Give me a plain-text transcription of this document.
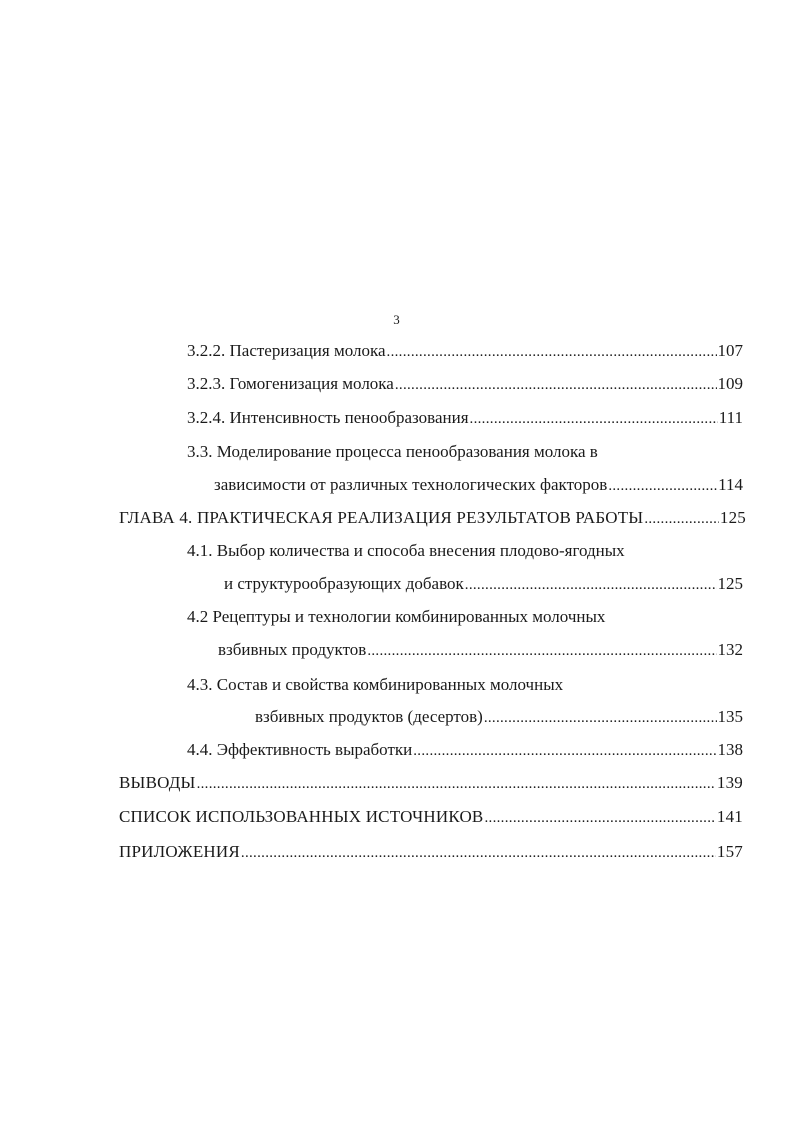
3
3.2.2. Пастеризация молока .....	107
3.2.3. Гомогенизация молока .....	109
3.2.4. Интенсивность пенообразования .....	111
3.3. Моделирование процесса пенообразования молока в
зависимости от различных технологических факторов .....	114
ГЛАВА 4. ПРАКТИЧЕСКАЯ РЕАЛИЗАЦИЯ РЕЗУЛЬТАТОВ РАБОТЫ .....	125
4.1. Выбор количества и способа внесения плодово-ягодных
и структурообразующих добавок .....	125
4.2 Рецептуры и технологии комбинированных молочных
взбивных продуктов .....	132
4.3. Состав и свойства комбинированных молочных
взбивных продуктов (десертов) .....	135
4.4. Эффективность выработки .....	138
ВЫВОДЫ .....	139
СПИСОК ИСПОЛЬЗОВАННЫХ ИСТОЧНИКОВ .....	141
ПРИЛОЖЕНИЯ .....	157
